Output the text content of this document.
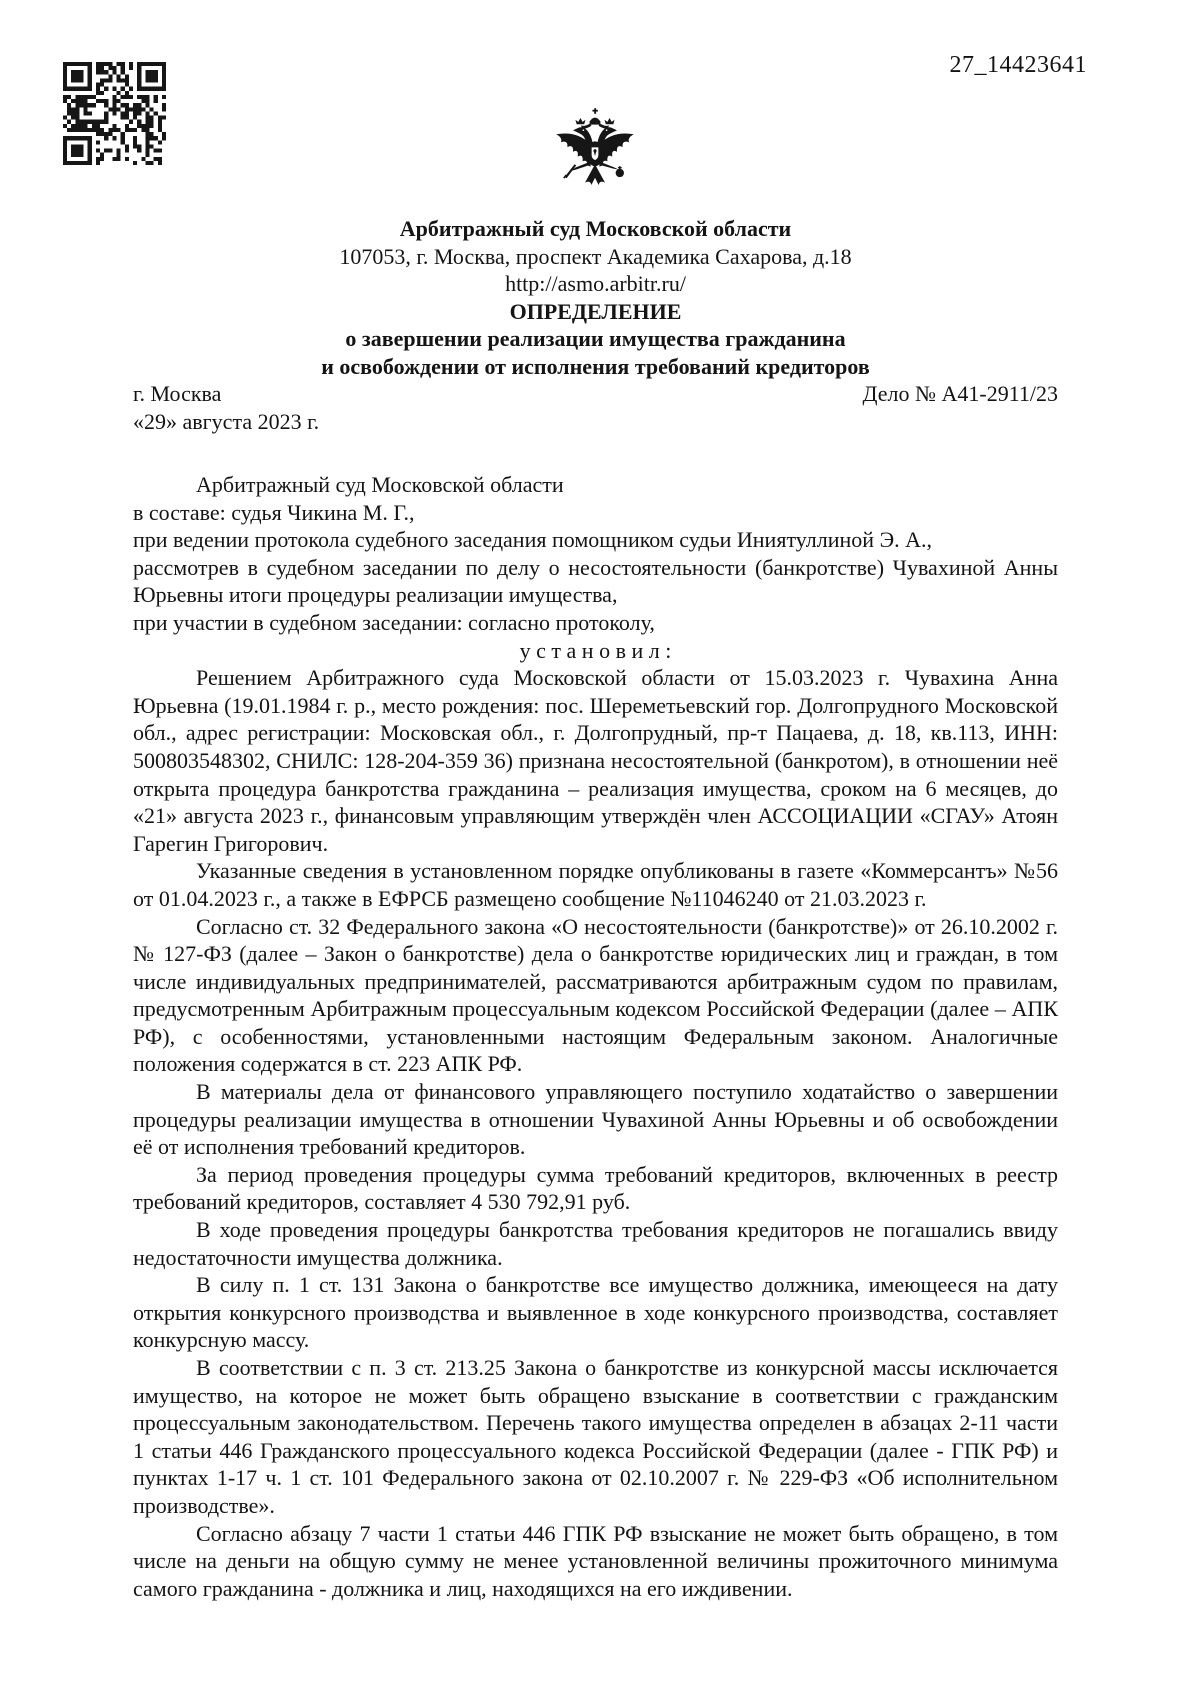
27_14423641
Арбитражный суд Московской области
107053, г. Москва, проспект Академика Сахарова, д.18
http://asmo.arbitr.ru/
ОПРЕДЕЛЕНИЕ
о завершении реализации имущества гражданина
и освобождении от исполнения требований кредиторов
г. Москва	Дело № А41-2911/23
«29» августа 2023 г.

Арбитражный суд Московской области

в составе: судья Чикина М. Г.,

при ведении протокола судебного заседания помощником судьи Иниятуллиной Э. А.,

рассмотрев в судебном заседании по делу о несостоятельности (банкротстве) Чувахиной Анны Юрьевны итоги процедуры реализации имущества,

при участии в судебном заседании: согласно протоколу,

у с т а н о в и л :

Решением Арбитражного суда Московской области от 15.03.2023 г. Чувахина Анна Юрьевна (19.01.1984 г. р., место рождения: пос. Шереметьевский гор. Долгопрудного Московской обл., адрес регистрации: Московская обл., г. Долгопрудный, пр-т Пацаева, д. 18, кв.113, ИНН: 500803548302, СНИЛС: 128-204-359 36) признана несостоятельной (банкротом), в отношении неё открыта процедура банкротства гражданина – реализация имущества, сроком на 6 месяцев, до «21» августа 2023 г., финансовым управляющим утверждён член АССОЦИАЦИИ «СГАУ» Атоян Гарегин Григорович.

Указанные сведения в установленном порядке опубликованы в газете «Коммерсантъ» №56 от 01.04.2023 г., а также в ЕФРСБ размещено сообщение №11046240 от 21.03.2023 г.

Согласно ст. 32 Федерального закона «О несостоятельности (банкротстве)» от 26.10.2002 г. № 127-ФЗ (далее – Закон о банкротстве) дела о банкротстве юридических лиц и граждан, в том числе индивидуальных предпринимателей, рассматриваются арбитражным судом по правилам, предусмотренным Арбитражным процессуальным кодексом Российской Федерации (далее – АПК РФ), с особенностями, установленными настоящим Федеральным законом. Аналогичные положения содержатся в ст. 223 АПК РФ.

В материалы дела от финансового управляющего поступило ходатайство о завершении процедуры реализации имущества в отношении Чувахиной Анны Юрьевны и об освобождении её от исполнения требований кредиторов.

За период проведения процедуры сумма требований кредиторов, включенных в реестр требований кредиторов, составляет 4 530 792,91 руб.

В ходе проведения процедуры банкротства требования кредиторов не погашались ввиду недостаточности имущества должника.

В силу п. 1 ст. 131 Закона о банкротстве все имущество должника, имеющееся на дату открытия конкурсного производства и выявленное в ходе конкурсного производства, составляет конкурсную массу.

В соответствии с п. 3 ст. 213.25 Закона о банкротстве из конкурсной массы исключается имущество, на которое не может быть обращено взыскание в соответствии с гражданским процессуальным законодательством. Перечень такого имущества определен в абзацах 2-11 части 1 статьи 446 Гражданского процессуального кодекса Российской Федерации (далее - ГПК РФ) и пунктах 1-17 ч. 1 ст. 101 Федерального закона от 02.10.2007 г. № 229-ФЗ «Об исполнительном производстве».

Согласно абзацу 7 части 1 статьи 446 ГПК РФ взыскание не может быть обращено, в том числе на деньги на общую сумму не менее установленной величины прожиточного минимума самого гражданина - должника и лиц, находящихся на его иждивении.
